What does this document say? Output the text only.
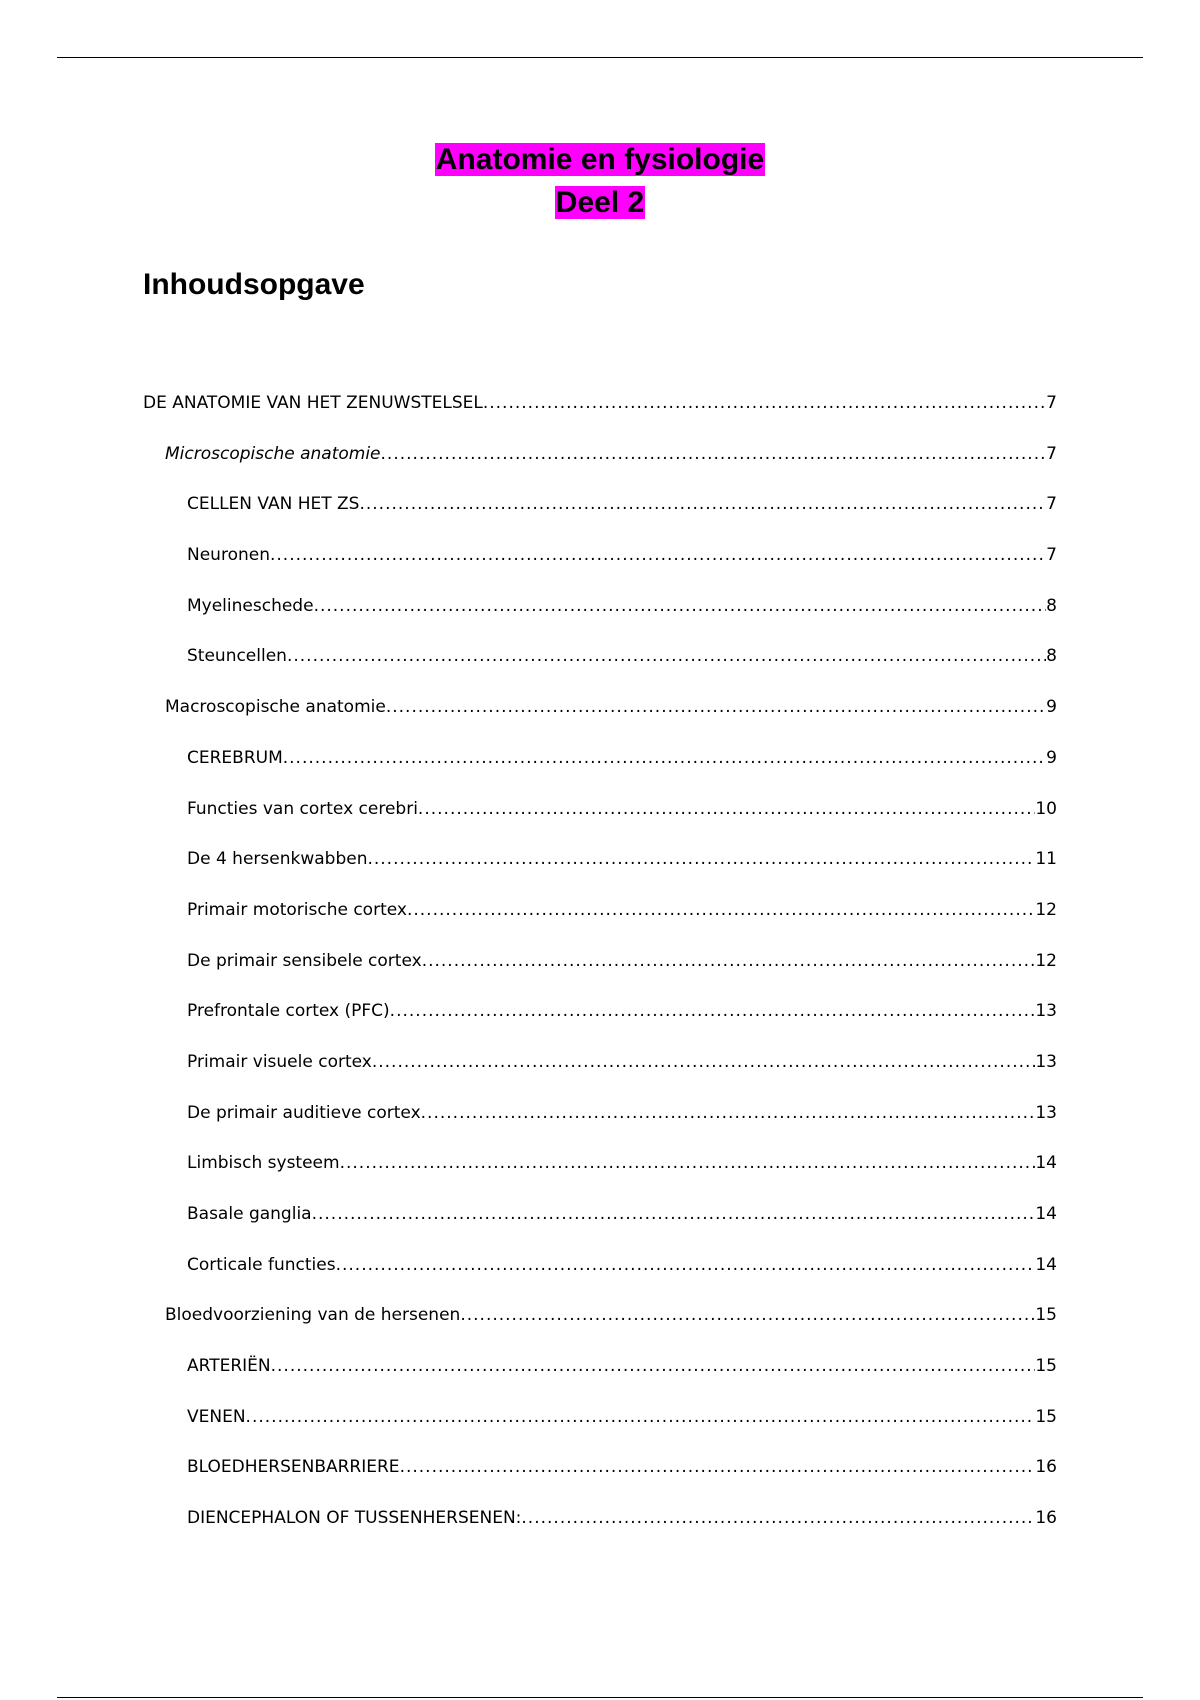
Anatomie en fysiologie
Deel 2
Inhoudsopgave
DE ANATOMIE VAN HET ZENUWSTELSEL .....	7
Microscopische anatomie .....	7
CELLEN VAN HET ZS .....	7
Neuronen .....	7
Myelineschede .....	8
Steuncellen .....	8
Macroscopische anatomie .....	9
CEREBRUM .....	9
Functies van cortex cerebri .....	10
De 4 hersenkwabben .....	11
Primair motorische cortex .....	12
De primair sensibele cortex .....	12
Prefrontale cortex (PFC) .....	13
Primair visuele cortex .....	13
De primair auditieve cortex .....	13
Limbisch systeem .....	14
Basale ganglia .....	14
Corticale functies .....	14
Bloedvoorziening van de hersenen .....	15
ARTERIËN .....	15
VENEN .....	15
BLOEDHERSENBARRIERE .....	16
DIENCEPHALON OF TUSSENHERSENEN: .....	16
